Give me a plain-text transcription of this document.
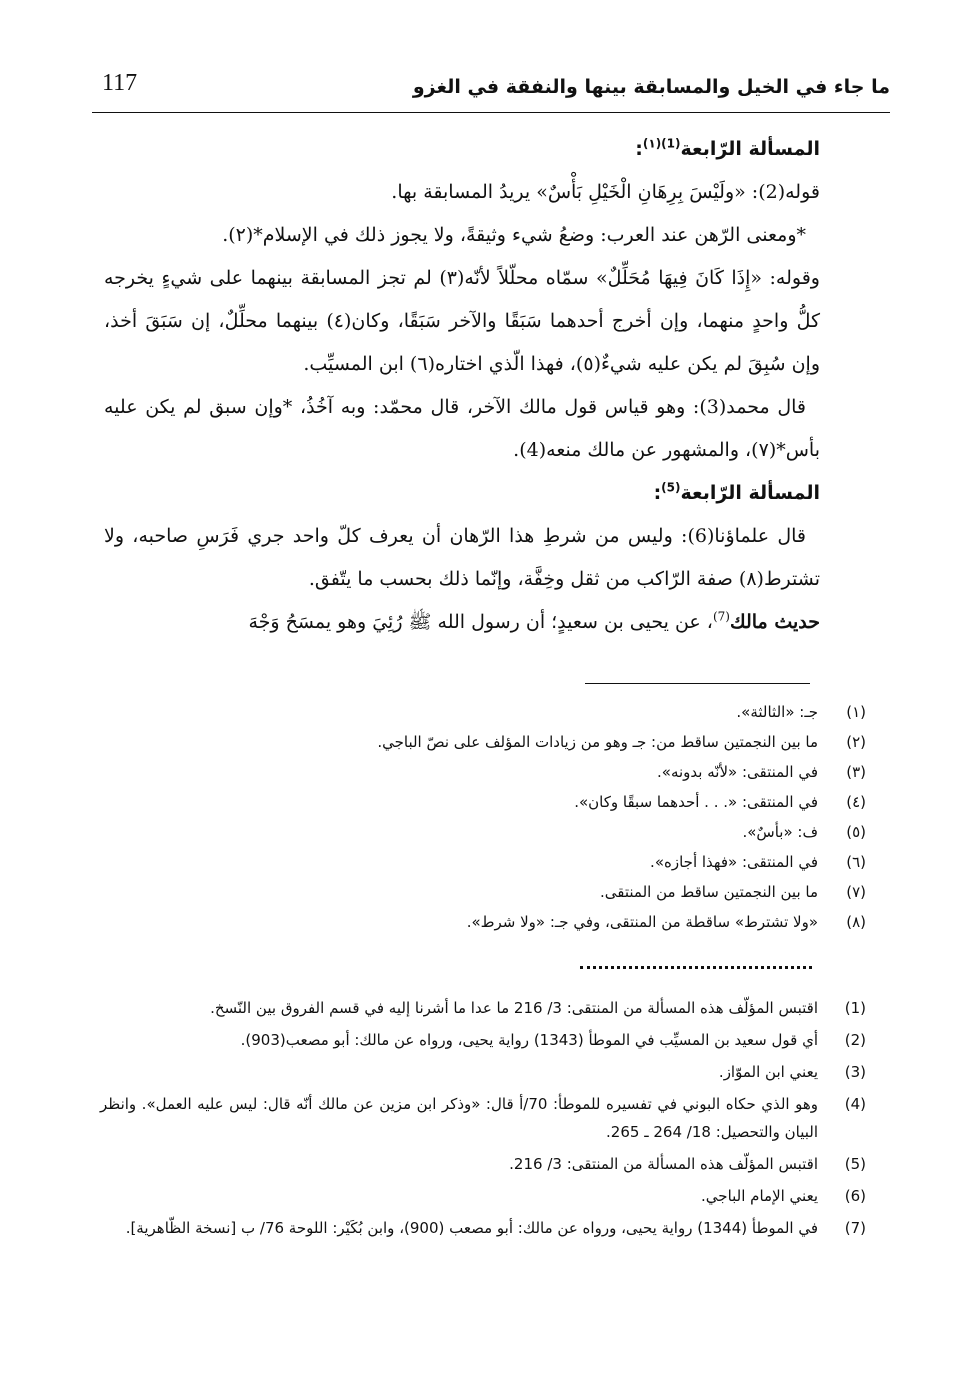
117	ما جاء في الخيل والمسابقة بينها والنفقة في الغزو

المسألة الرّابعة$^{(1)(١)}$:

قوله(2): «ولَيْسَ بِرِهَانِ الْخَيْلِ بَأْسٌ» يريدُ المسابقة بها.

*ومعنى الرّهن عند العرب: وضعُ شيء وثيقةً، ولا يجوز ذلك في الإسلام*(٢).

وقوله: «إِذَا كَانَ فِيهَا مُحَلِّلٌ» سمّاه محلّلاً لأنّه(٣) لم تجز المسابقة بينهما على شيءٍ يخرجه كلُّ واحدٍ منهما، وإن أخرج أحدهما سَبَقًا والآخر سَبَقًا، وكان(٤) بينهما محلِّلٌ، إن سَبَقَ أخذ، وإن سُبِقَ لم يكن عليه شيءٌ(٥)، فهذا الّذي اختاره(٦) ابن المسيِّب.

قال محمد(3): وهو قياس قول مالك الآخر، قال محمّد: وبه آخُذُ، *وإن سبق لم يكن عليه بأس*(٧)، والمشهور عن مالك منعه(4).

المسألة الرّابعة$^{(5)}$:

قال علماؤنا(6): وليس من شرطِ هذا الرّهان أن يعرف كلّ واحد جري فَرَسِ صاحبه، ولا تشترط(٨) صفة الرّاكب من ثقل وخِفَّة، وإنّما ذلك بحسب ما يتّفق.

حديث مالك$^{(7)}$، عن يحيى بن سعيدٍ؛ أن رسول الله ﷺ رُئِيَ وهو يمسَحُ وَجْهَ

(١)
جـ: «الثالثة».
(٢)
ما بين النجمتين ساقط من: جـ وهو من زيادات المؤلف على نصّ الباجي.
(٣)
في المنتقى: «لأنّه بدونه».
(٤)
في المنتقى: «. . . أحدهما سبقًا وكان».
(٥)
ف: «بأسٌ».
(٦)
في المنتقى: «فهذا أجازه».
(٧)
ما بين النجمتين ساقط من المنتقى.
(٨)
«ولا تشترط» ساقطة من المنتقى، وفي جـ: «ولا شرط».
(1)
اقتبس المؤلّف هذه المسألة من المنتقى: 3/ 216 ما عدا ما أشرنا إليه في قسم الفروق بين النّسخ.
(2)
أي قول سعيد بن المسيِّب في الموطأ (1343) رواية يحيى، ورواه عن مالك: أبو مصعب(903).
(3)
يعني ابن الموّاز.
(4)
وهو الذي حكاه البوني في تفسيره للموطأ: 70/أ قال: «وذكر ابن مزين عن مالك أنّه قال: ليس عليه العمل». وانظر البيان والتحصيل: 18/ 264 ـ 265.
(5)
اقتبس المؤلّف هذه المسألة من المنتقى: 3/ 216.
(6)
يعني الإمام الباجي.
(7)
في الموطأ (1344) رواية يحيى، ورواه عن مالك: أبو مصعب (900)، وابن بُكَيْر: اللوحة 76/ ب [نسخة الظّاهرية].
